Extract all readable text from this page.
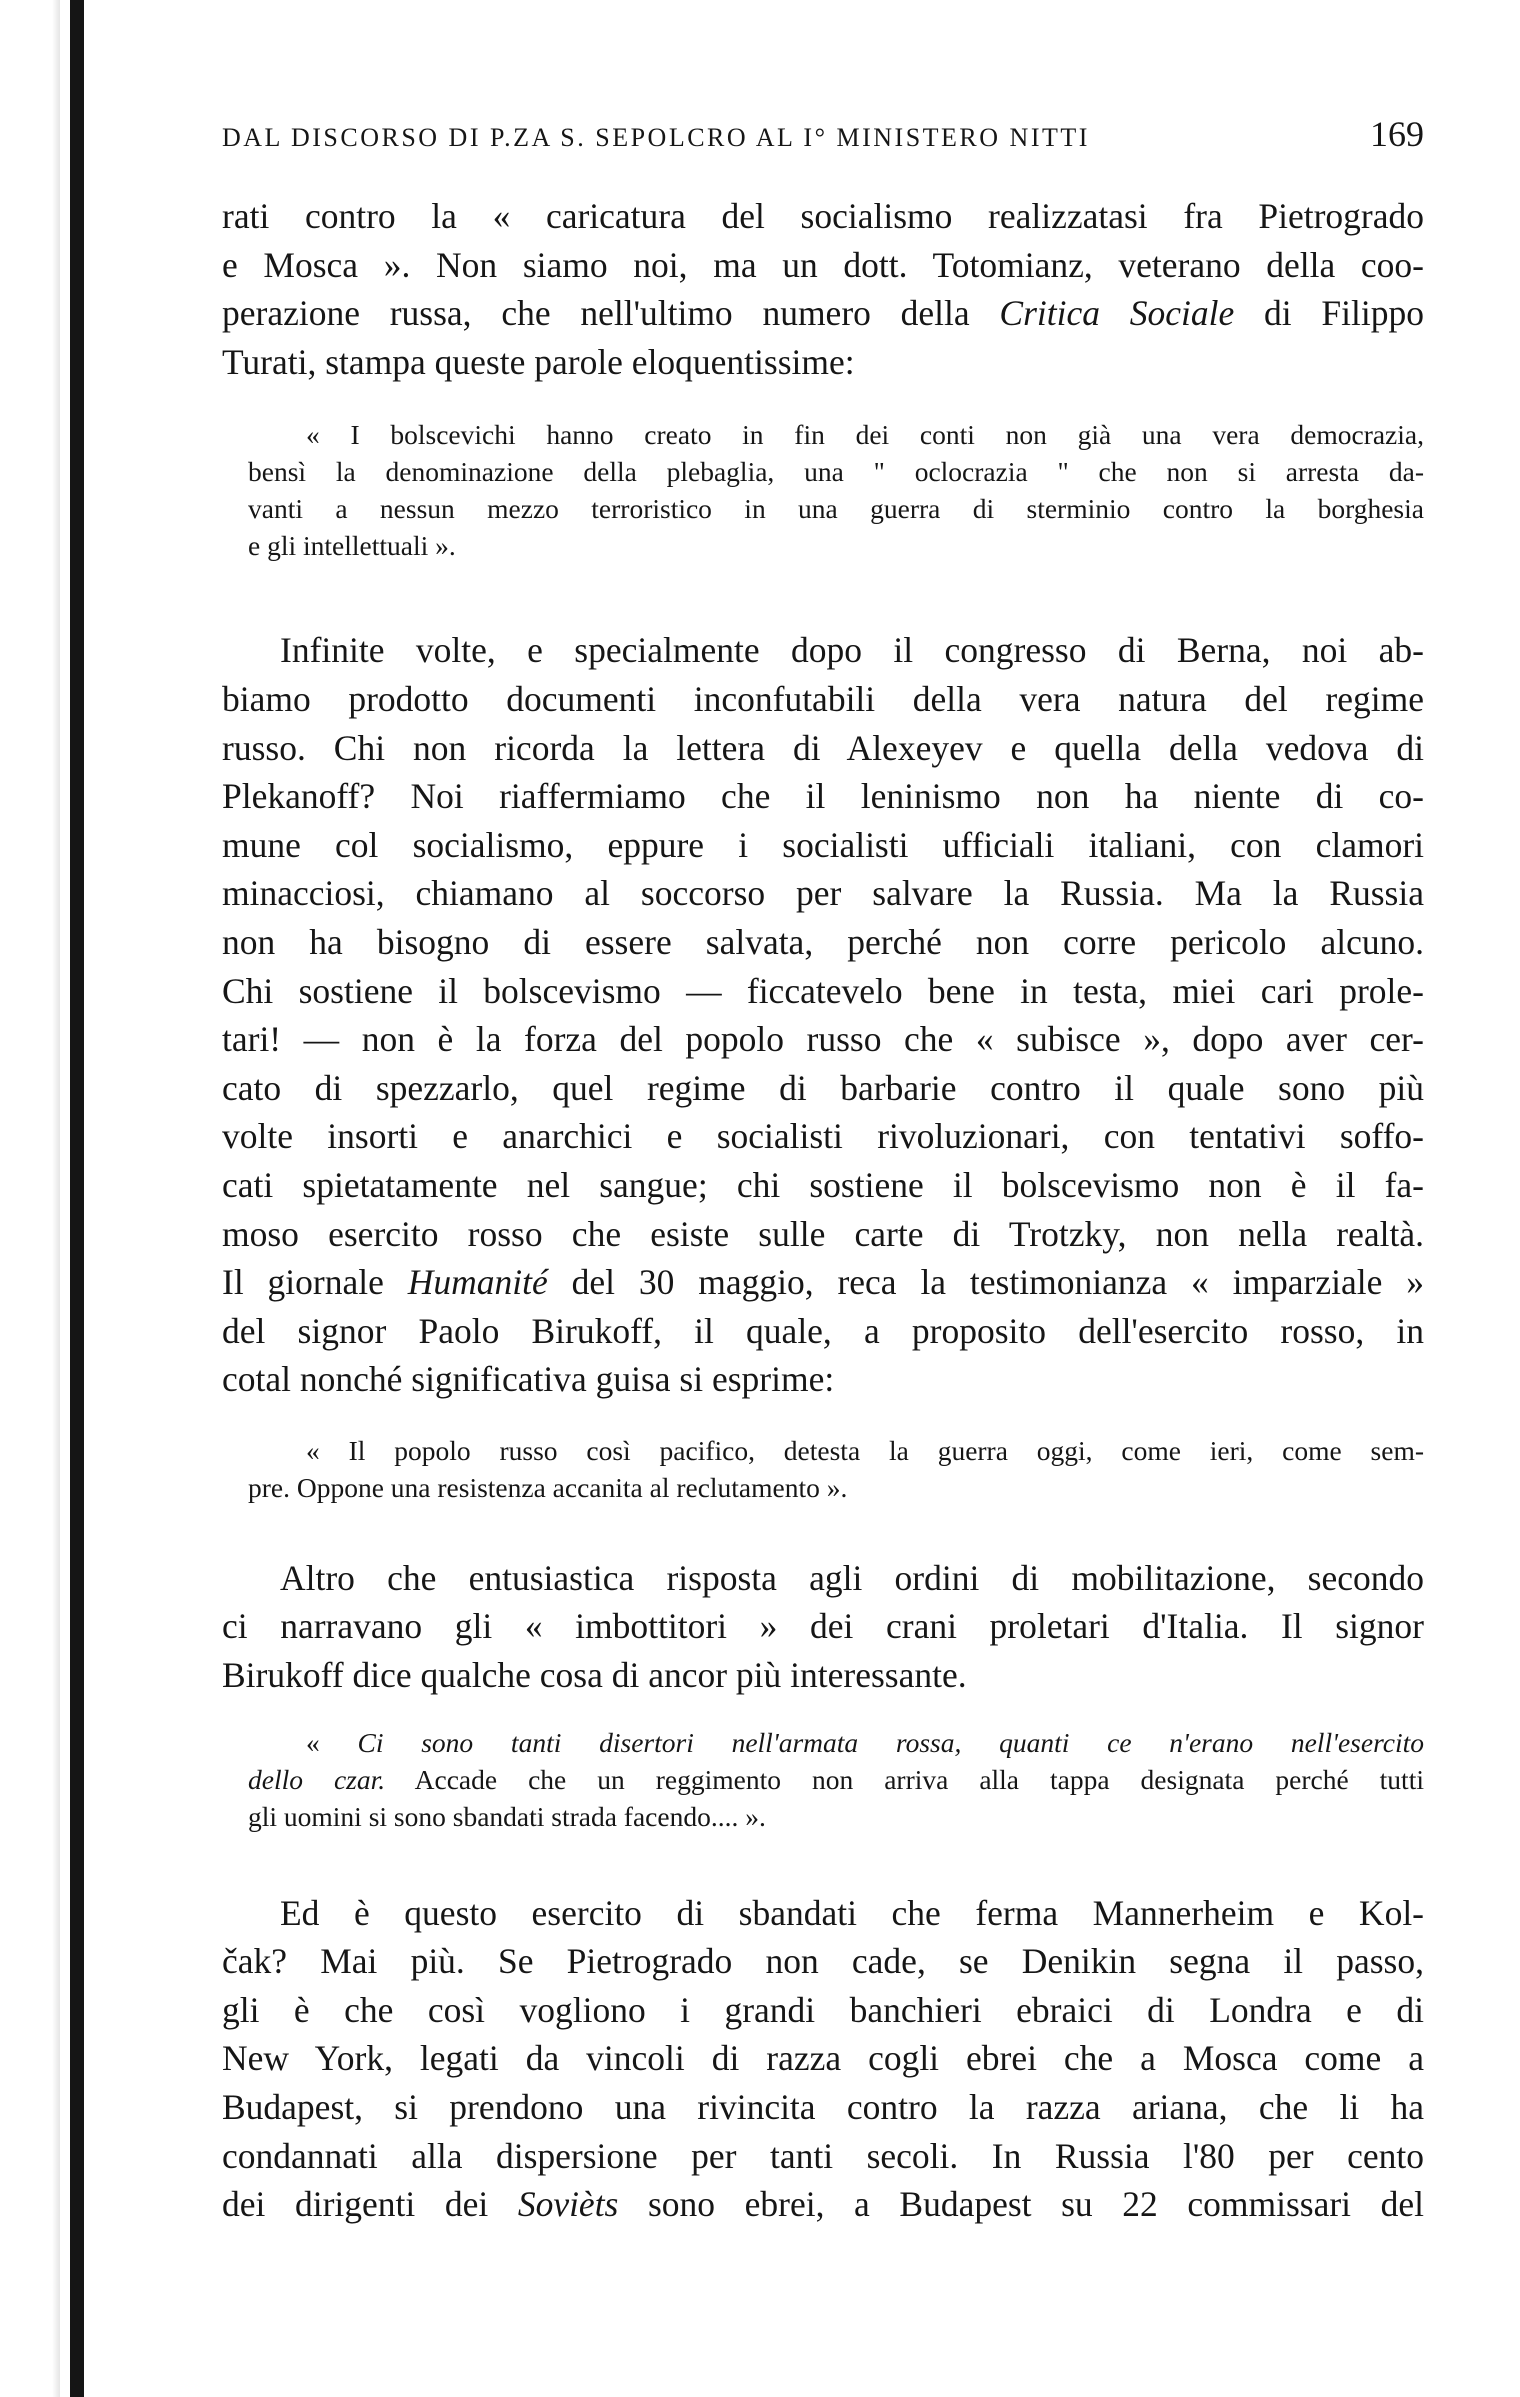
DAL DISCORSO DI P.ZA S. SEPOLCRO AL I° MINISTERO NITTI	169

rati contro la « caricatura del socialismo realizzatasi fra Pietrogrado
e Mosca ». Non siamo noi, ma un dott. Totomianz, veterano della coo-
perazione russa, che nell'ultimo numero della Critica Sociale di Filippo
Turati, stampa queste parole eloquentissime:

« I bolscevichi hanno creato in fin dei conti non già una vera democrazia,
bensì la denominazione della plebaglia, una " oclocrazia " che non si arresta da-
vanti a nessun mezzo terroristico in una guerra di sterminio contro la borghesia
e gli intellettuali ».

Infinite volte, e specialmente dopo il congresso di Berna, noi ab-
biamo prodotto documenti inconfutabili della vera natura del regime
russo. Chi non ricorda la lettera di Alexeyev e quella della vedova di
Plekanoff? Noi riaffermiamo che il leninismo non ha niente di co-
mune col socialismo, eppure i socialisti ufficiali italiani, con clamori
minacciosi, chiamano al soccorso per salvare la Russia. Ma la Russia
non ha bisogno di essere salvata, perché non corre pericolo alcuno.
Chi sostiene il bolscevismo — ficcatevelo bene in testa, miei cari prole-
tari! — non è la forza del popolo russo che « subisce », dopo aver cer-
cato di spezzarlo, quel regime di barbarie contro il quale sono più
volte insorti e anarchici e socialisti rivoluzionari, con tentativi soffo-
cati spietatamente nel sangue; chi sostiene il bolscevismo non è il fa-
moso esercito rosso che esiste sulle carte di Trotzky, non nella realtà.
Il giornale Humanité del 30 maggio, reca la testimonianza « imparziale »
del signor Paolo Birukoff, il quale, a proposito dell'esercito rosso, in
cotal nonché significativa guisa si esprime:

« Il popolo russo così pacifico, detesta la guerra oggi, come ieri, come sem-
pre. Oppone una resistenza accanita al reclutamento ».

Altro che entusiastica risposta agli ordini di mobilitazione, secondo
ci narravano gli « imbottitori » dei crani proletari d'Italia. Il signor
Birukoff dice qualche cosa di ancor più interessante.

« Ci sono tanti disertori nell'armata rossa, quanti ce n'erano nell'esercito
dello czar. Accade che un reggimento non arriva alla tappa designata perché tutti
gli uomini si sono sbandati strada facendo.... ».

Ed è questo esercito di sbandati che ferma Mannerheim e Kol-
čak? Mai più. Se Pietrogrado non cade, se Denikin segna il passo,
gli è che così vogliono i grandi banchieri ebraici di Londra e di
New York, legati da vincoli di razza cogli ebrei che a Mosca come a
Budapest, si prendono una rivincita contro la razza ariana, che li ha
condannati alla dispersione per tanti secoli. In Russia l'80 per cento
dei dirigenti dei Sovièts sono ebrei, a Budapest su 22 commissari del
